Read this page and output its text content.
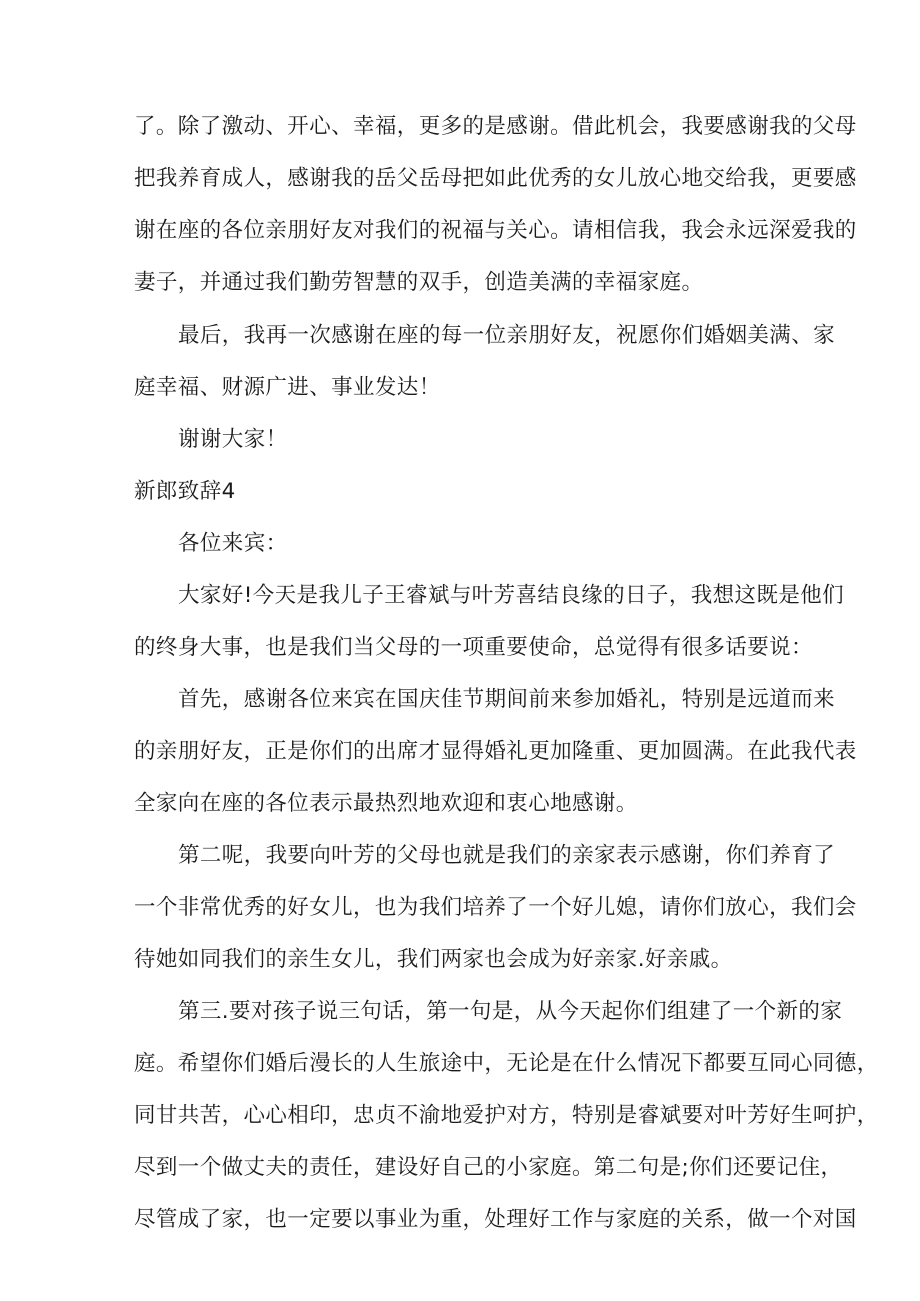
了。除了激动、开心、幸福，更多的是感谢。借此机会，我要感谢我的父母
把我养育成人，感谢我的岳父岳母把如此优秀的女儿放心地交给我，更要感
谢在座的各位亲朋好友对我们的祝福与关心。请相信我，我会永远深爱我的
妻子，并通过我们勤劳智慧的双手，创造美满的幸福家庭。
最后，我再一次感谢在座的每一位亲朋好友，祝愿你们婚姻美满、家
庭幸福、财源广进、事业发达！
谢谢大家！
新郎致辞4
各位来宾：
大家好!今天是我儿子王睿斌与叶芳喜结良缘的日子，我想这既是他们
的终身大事，也是我们当父母的一项重要使命，总觉得有很多话要说：
首先，感谢各位来宾在国庆佳节期间前来参加婚礼，特别是远道而来
的亲朋好友，正是你们的出席才显得婚礼更加隆重、更加圆满。在此我代表
全家向在座的各位表示最热烈地欢迎和衷心地感谢。
第二呢，我要向叶芳的父母也就是我们的亲家表示感谢，你们养育了
一个非常优秀的好女儿，也为我们培养了一个好儿媳，请你们放心，我们会
待她如同我们的亲生女儿，我们两家也会成为好亲家.好亲戚。
第三.要对孩子说三句话，第一句是，从今天起你们组建了一个新的家
庭。希望你们婚后漫长的人生旅途中，无论是在什么情况下都要互同心同德，
同甘共苦，心心相印，忠贞不渝地爱护对方，特别是睿斌要对叶芳好生呵护，
尽到一个做丈夫的责任，建设好自己的小家庭。第二句是;你们还要记住，
尽管成了家，也一定要以事业为重，处理好工作与家庭的关系，做一个对国
